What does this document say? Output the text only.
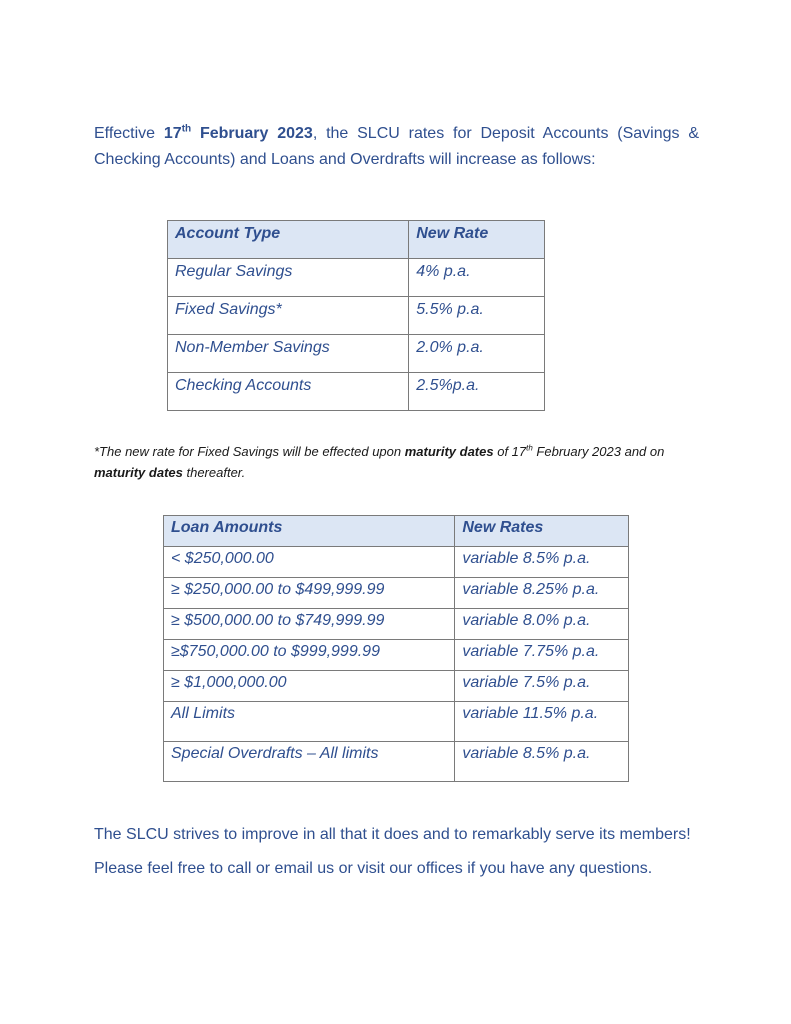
Effective 17th February 2023, the SLCU rates for Deposit Accounts (Savings & Checking Accounts) and Loans and Overdrafts will increase as follows:

Account Type	New Rate
Regular Savings	4% p.a.
Fixed Savings*	5.5% p.a.
Non-Member Savings	2.0% p.a.
Checking Accounts	2.5%p.a.

*The new rate for Fixed Savings will be effected upon maturity dates of 17th February 2023 and on maturity dates thereafter.

Loan Amounts	New Rates
< $250,000.00	variable 8.5% p.a.
≥ $250,000.00 to $499,999.99	variable 8.25% p.a.
≥ $500,000.00 to $749,999.99	variable 8.0% p.a.
≥$750,000.00 to $999,999.99	variable 7.75% p.a.
≥ $1,000,000.00	variable 7.5% p.a.
All Limits	variable 11.5% p.a.
Special Overdrafts – All limits	variable 8.5% p.a.

The SLCU strives to improve in all that it does and to remarkably serve its members!

Please feel free to call or email us or visit our offices if you have any questions.
